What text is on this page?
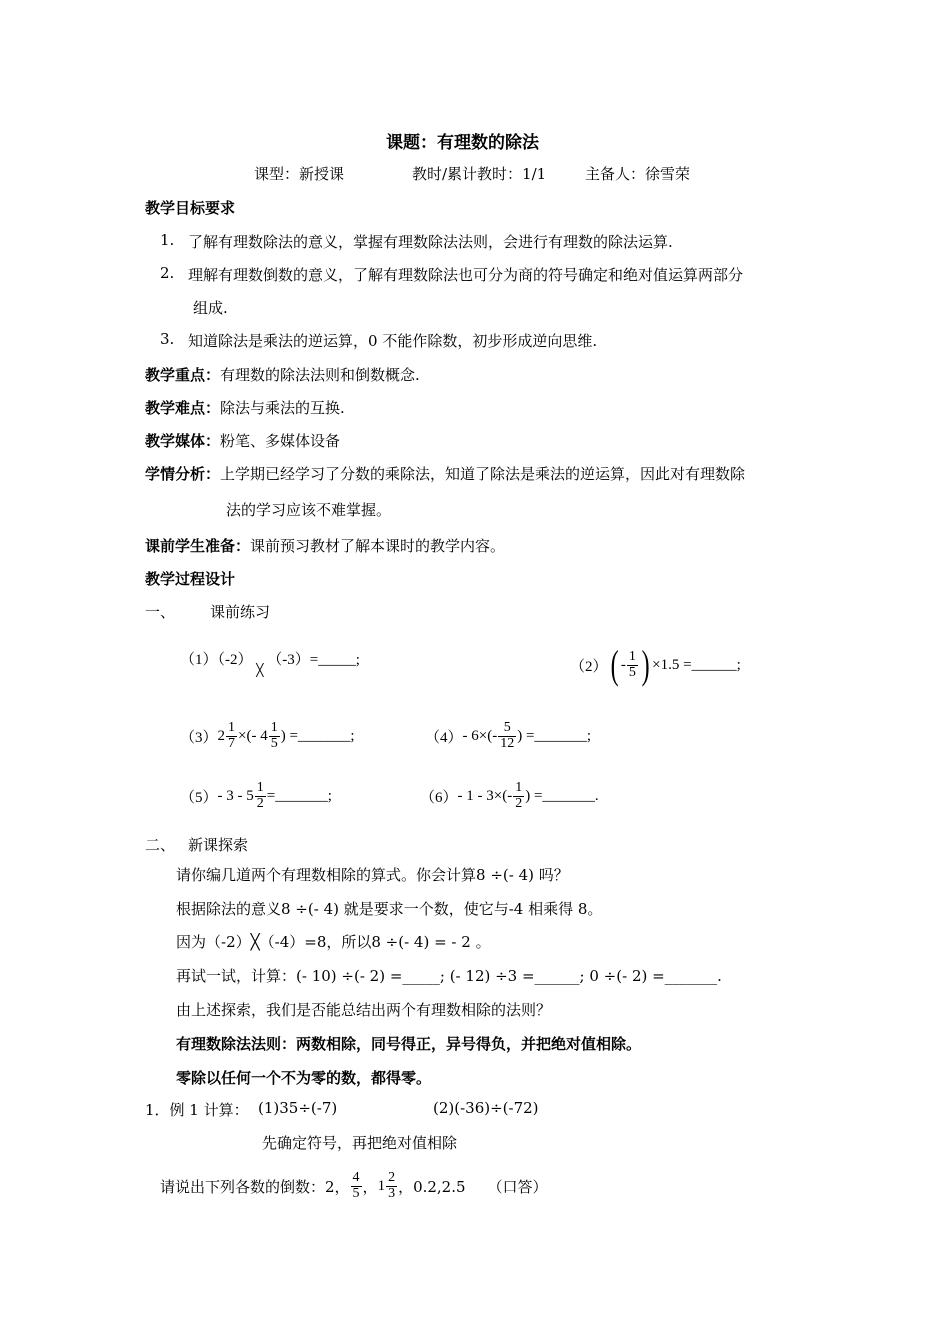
课题：有理数的除法
课型：新授课	教时/累计教时：1/1	主备人：徐雪荣
教学目标要求
1. 了解有理数除法的意义，掌握有理数除法法则，会进行有理数的除法运算.
2. 理解有理数倒数的意义，了解有理数除法也可分为商的符号确定和绝对值运算两部分
组成.
3. 知道除法是乘法的逆运算，0 不能作除数，初步形成逆向思维.
教学重点：有理数的除法法则和倒数概念.
教学难点：除法与乘法的互换.
教学媒体：粉笔、多媒体设备
学情分析：上学期已经学习了分数的乘除法，知道了除法是乘法的逆运算，因此对有理数除
法的学习应该不难掌握。
课前学生准备：课前预习教材了解本课时的教学内容。
教学过程设计
一、 课前练习
（1）（-2） $_╳$ （-3）=_____;	（2） ( - $\frac{1}{5}$ ) ×1.5 =______;
（3） $2 \frac{1}{7}$ ×(- $4 \frac{1}{5}$ ) =_______;	$(4) - 6\times(- \frac{5}{12}$ ) =_______;
$(5) - 3 - 5 \frac{1}{2}$ =_______;	$(6) - 1 - 3\times(- \frac{1}{2}$ ) =_______.
二、 新课探索
请你编几道两个有理数相除的算式。你会计算8 ÷(- 4) 吗？
根据除法的意义8 ÷(- 4) 就是要求一个数，使它与-4 相乘得 8。
因为（-2）╳（-4）=8，所以8 ÷(- 4) = - 2 。
再试一试，计算：(- 10) ÷(- 2) =_____; (- 12) ÷3 =______; 0 ÷(- 2) =_______.
由上述探索，我们是否能总结出两个有理数相除的法则？
有理数除法法则：两数相除，同号得正，异号得负，并把绝对值相除。
零除以任何一个不为零的数，都得零。
1．例 1 计算： (1)35÷(-7)	(2)(-36)÷(-72)
先确定符号，再把绝对值相除
请说出下列各数的倒数：2， $\frac{4}{5}$ ， $1 \frac{2}{3}$ ，0.2,2.5 （口答）
